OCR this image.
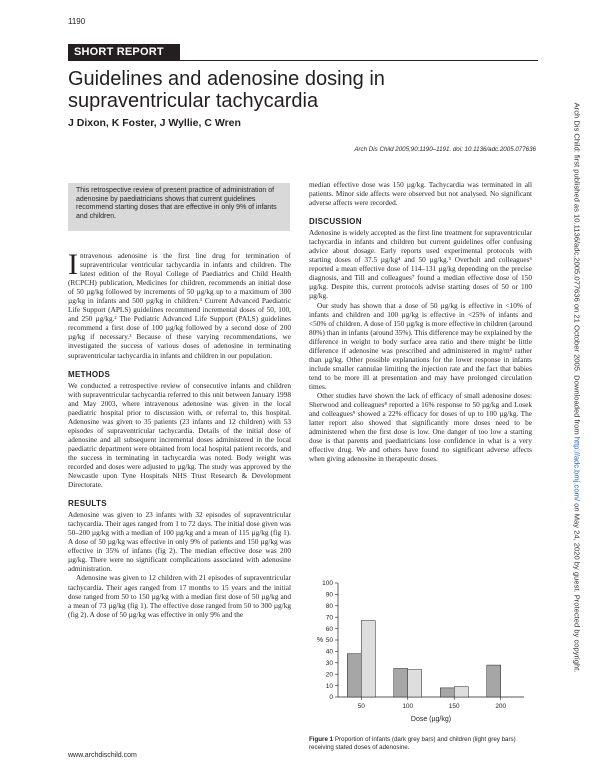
1190
SHORT REPORT
Guidelines and adenosine dosing in supraventricular tachycardia
J Dixon, K Foster, J Wyllie, C Wren
Arch Dis Child 2005;90:1190–1191. doi: 10.1136/adc.2005.077636
This retrospective review of present practice of administration of adenosine by paediatricians shows that current guidelines recommend starting doses that are effective in only 9% of infants and children.

Intravenous adenosine is the first line drug for termination of supraventricular ventricular tachycardia in infants and children. The latest edition of the Royal College of Paediatrics and Child Health (RCPCH) publication, Medicines for children, recommends an initial dose of 50 µg/kg followed by increments of 50 µg/kg up to a maximum of 300 µg/kg in infants and 500 µg/kg in children.¹ Current Advanced Paediatric Life Support (APLS) guidelines recommend incremental doses of 50, 100, and 250 µg/kg.² The Pediatric Advanced Life Support (PALS) guidelines recommend a first dose of 100 µg/kg followed by a second dose of 200 µg/kg if necessary.³ Because of these varying recommendations, we investigated the success of various doses of adenosine in terminating supraventricular tachycardia in infants and children in our population.

METHODS

We conducted a retrospective review of consecutive infants and children with supraventricular tachycardia referred to this unit between January 1998 and May 2003, where intravenous adenosine was given in the local paediatric hospital prior to discussion with, or referral to, this hospital. Adenosine was given to 35 patients (23 infants and 12 children) with 53 episodes of supraventricular tachycardia. Details of the initial dose of adenosine and all subsequent incremental doses administered in the local paediatric department were obtained from local hospital patient records, and the success in terminating in tachycardia was noted. Body weight was recorded and doses were adjusted to µg/kg. The study was approved by the Newcastle upon Tyne Hospitals NHS Trust Research & Development Directorate.

RESULTS

Adenosine was given to 23 infants with 32 episodes of supraventricular tachycardia. Their ages ranged from 1 to 72 days. The initial dose given was 50–200 µg/kg with a median of 100 µg/kg and a mean of 115 µg/kg (fig 1). A dose of 50 µg/kg was effective in only 9% of patients and 150 µg/kg was effective in 35% of infants (fig 2). The median effective dose was 200 µg/kg. There were no significant complications associated with adenosine administration.

Adenosine was given to 12 children with 21 episodes of supraventricular tachycardia. Their ages ranged from 17 months to 15 years and the initial dose ranged from 50 to 150 µg/kg with a median first dose of 50 µg/kg and a mean of 73 µg/kg (fig 1). The effective dose ranged from 50 to 300 µg/kg (fig 2). A dose of 50 µg/kg was effective in only 9% and the

median effective dose was 150 µg/kg. Tachycardia was terminated in all patients. Minor side affects were observed but not analysed. No significant adverse affects were recorded.

DISCUSSION

Adenosine is widely accepted as the first line treatment for supraventricular tachycardia in infants and children but current guidelines offer confusing advice about dosage. Early reports used experimental protocols with starting doses of 37.5 µg/kg⁴ and 50 µg/kg.⁵ Overholt and colleagues⁶ reported a mean effective dose of 114–131 µg/kg depending on the precise diagnosis, and Till and colleagues⁷ found a median effective dose of 150 µg/kg. Despite this, current protocols advise starting doses of 50 or 100 µg/kg.

Our study has shown that a dose of 50 µg/kg is effective in <10% of infants and children and 100 µg/kg is effective in <25% of infants and <50% of children. A dose of 150 µg/kg is more effective in children (around 80%) than in infants (around 35%). This difference may be explained by the difference in weight to body surface area ratio and there might be little difference if adenosine was prescribed and administered in mg/m² rather than µg/kg. Other possible explanations for the lower response in infants include smaller cannulae limiting the injection rate and the fact that babies tend to be more ill at presentation and may have prolonged circulation times.

Other studies have shown the lack of efficacy of small adenosine doses: Sherwood and colleagues⁸ reported a 16% response to 50 µg/kg and Losek and colleagues⁹ showed a 22% efficacy for doses of up to 100 µg/kg. The latter report also showed that significantly more doses need to be administered when the first dose is low. One danger of too low a starting dose is that parents and paediatricians lose confidence in what is a very effective drug. We and others have found no significant adverse affects when giving adenosine in therapeutic doses.

0
10
20
30
40
50
60
70
80
90
100
%
50	100	150	200
Dose (µg/kg)
Figure 1 Proportion of infants (dark grey bars) and children (light grey bars) receiving stated doses of adenosine.
Arch Dis Child: first published as 10.1136/adc.2005.077636 on 21 October 2005. Downloaded from http://adc.bmj.com/ on May 24, 2020 by guest. Protected by copyright.
www.archdischild.com
